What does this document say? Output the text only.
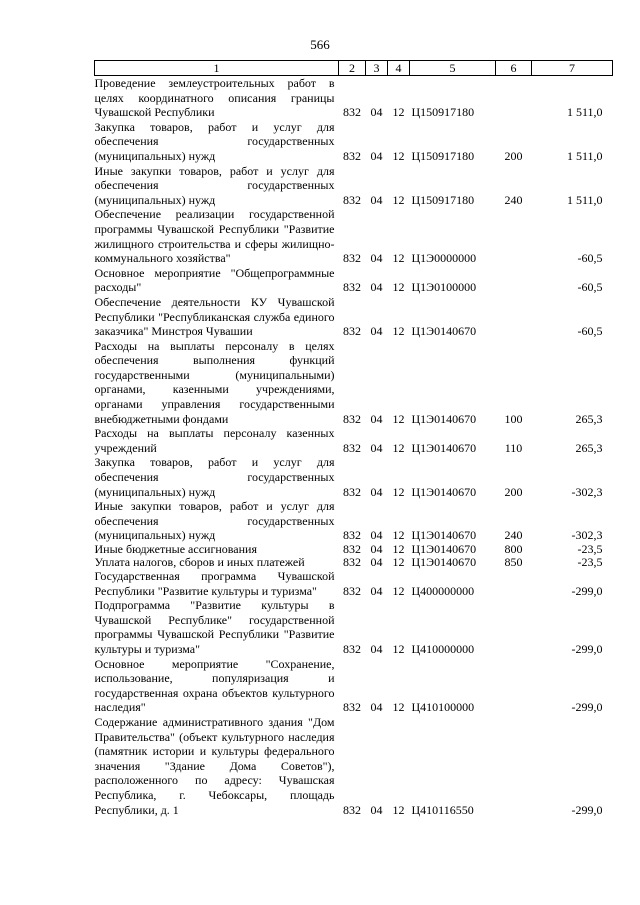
566
1	2	3	4	5	6	7
Проведение землеустроительных работ в целях координатного описания границы Чувашской Республики	832	04	12	Ц150917180		1 511,0
Закупка товаров, работ и услуг для обеспечения государственных (муниципальных) нужд	832	04	12	Ц150917180	200	1 511,0
Иные закупки товаров, работ и услуг для обеспечения государственных (муниципальных) нужд	832	04	12	Ц150917180	240	1 511,0
Обеспечение реализации государственной программы Чувашской Республики "Развитие жилищного строительства и сферы жилищно-коммунального хозяйства"	832	04	12	Ц1Э0000000		-60,5
Основное мероприятие "Общепрограммные расходы"	832	04	12	Ц1Э0100000		-60,5
Обеспечение деятельности КУ Чувашской Республики "Республиканская служба единого заказчика" Минстроя Чувашии	832	04	12	Ц1Э0140670		-60,5
Расходы на выплаты персоналу в целях обеспечения выполнения функций государственными (муниципальными) органами, казенными учреждениями, органами управления государственными внебюджетными фондами	832	04	12	Ц1Э0140670	100	265,3
Расходы на выплаты персоналу казенных учреждений	832	04	12	Ц1Э0140670	110	265,3
Закупка товаров, работ и услуг для обеспечения государственных (муниципальных) нужд	832	04	12	Ц1Э0140670	200	-302,3
Иные закупки товаров, работ и услуг для обеспечения государственных (муниципальных) нужд	832	04	12	Ц1Э0140670	240	-302,3
Иные бюджетные ассигнования	832	04	12	Ц1Э0140670	800	-23,5
Уплата налогов, сборов и иных платежей	832	04	12	Ц1Э0140670	850	-23,5
Государственная программа Чувашской Республики "Развитие культуры и туризма"	832	04	12	Ц400000000		-299,0
Подпрограмма "Развитие культуры в Чувашской Республике" государственной программы Чувашской Республики "Развитие культуры и туризма"	832	04	12	Ц410000000		-299,0
Основное мероприятие "Сохранение, использование, популяризация и государственная охрана объектов культурного наследия"	832	04	12	Ц410100000		-299,0
Содержание административного здания "Дом Правительства" (объект культурного наследия (памятник истории и культуры федерального значения "Здание Дома Советов"), расположенного по адресу: Чувашская Республика, г. Чебоксары, площадь Республики, д. 1	832	04	12	Ц410116550		-299,0
